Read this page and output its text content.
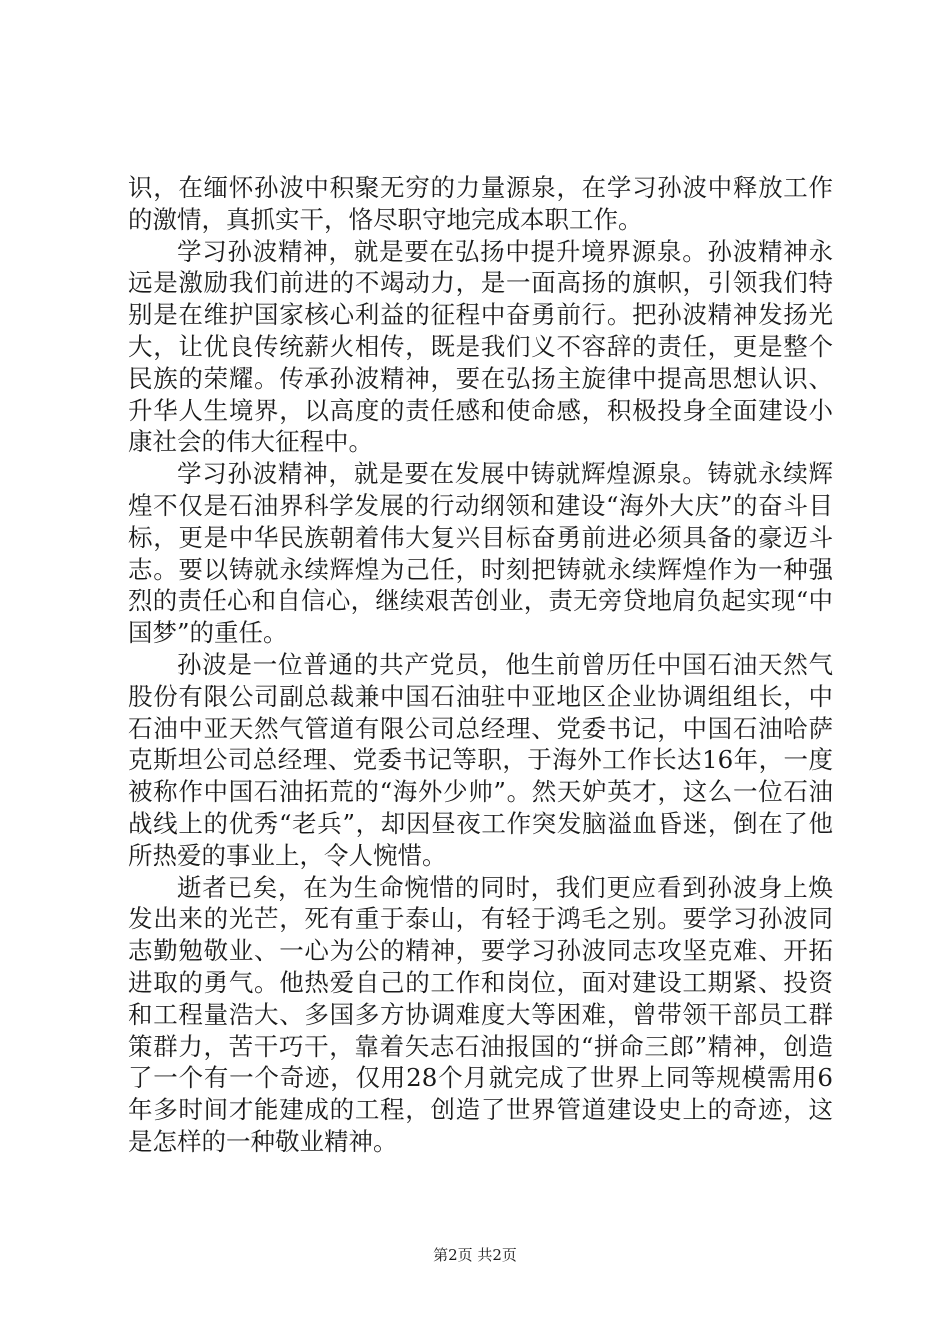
识，在缅怀孙波中积聚无穷的力量源泉，在学习孙波中释放工作的激情，真抓实干，恪尽职守地完成本职工作。

学习孙波精神，就是要在弘扬中提升境界源泉。孙波精神永远是激励我们前进的不竭动力，是一面高扬的旗帜，引领我们特别是在维护国家核心利益的征程中奋勇前行。把孙波精神发扬光大，让优良传统薪火相传，既是我们义不容辞的责任，更是整个民族的荣耀。传承孙波精神，要在弘扬主旋律中提高思想认识、升华人生境界，以高度的责任感和使命感，积极投身全面建设小康社会的伟大征程中。

学习孙波精神，就是要在发展中铸就辉煌源泉。铸就永续辉煌不仅是石油界科学发展的行动纲领和建设“海外大庆”的奋斗目标，更是中华民族朝着伟大复兴目标奋勇前进必须具备的豪迈斗志。要以铸就永续辉煌为己任，时刻把铸就永续辉煌作为一种强烈的责任心和自信心，继续艰苦创业，责无旁贷地肩负起实现“中国梦”的重任。

孙波是一位普通的共产党员，他生前曾历任中国石油天然气股份有限公司副总裁兼中国石油驻中亚地区企业协调组组长，中石油中亚天然气管道有限公司总经理、党委书记，中国石油哈萨克斯坦公司总经理、党委书记等职，于海外工作长达16年，一度被称作中国石油拓荒的“海外少帅”。然天妒英才，这么一位石油战线上的优秀“老兵”，却因昼夜工作突发脑溢血昏迷，倒在了他所热爱的事业上，令人惋惜。

逝者已矣，在为生命惋惜的同时，我们更应看到孙波身上焕发出来的光芒，死有重于泰山，有轻于鸿毛之别。要学习孙波同志勤勉敬业、一心为公的精神，要学习孙波同志攻坚克难、开拓进取的勇气。他热爱自己的工作和岗位，面对建设工期紧、投资和工程量浩大、多国多方协调难度大等困难，曾带领干部员工群策群力，苦干巧干，靠着矢志石油报国的“拼命三郎”精神，创造了一个有一个奇迹，仅用28个月就完成了世界上同等规模需用6年多时间才能建成的工程，创造了世界管道建设史上的奇迹，这是怎样的一种敬业精神。

第2页 共2页
